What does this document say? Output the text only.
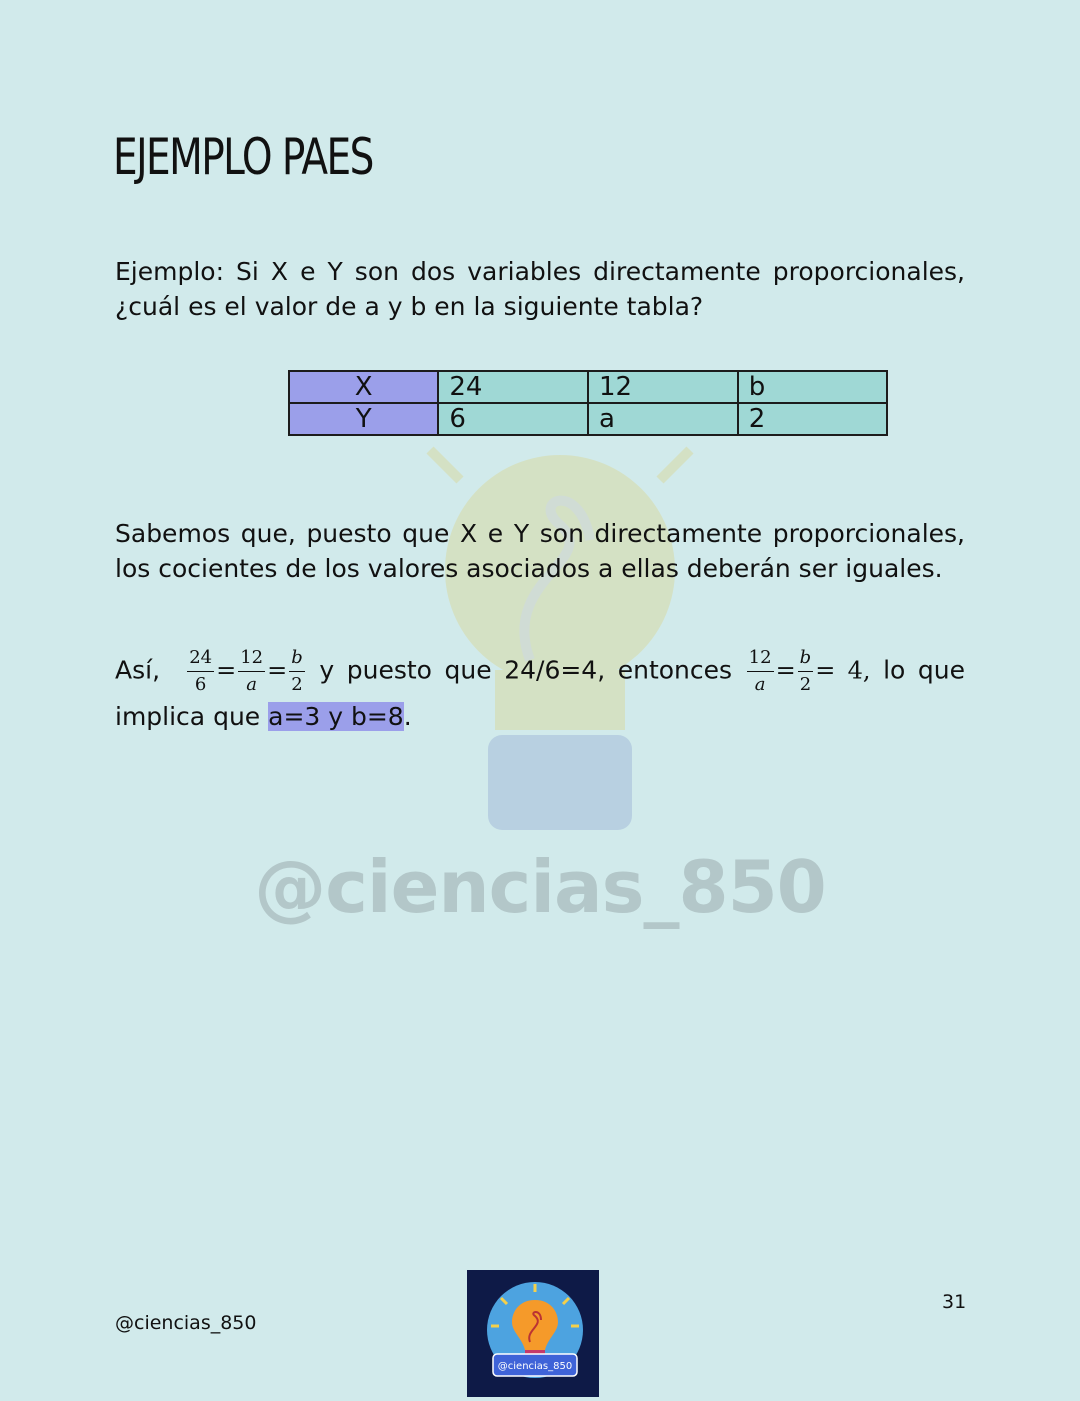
@ciencias_850
EJEMPLO PAES

Ejemplo: Si X e Y son dos variables directamente proporcionales, ¿cuál es el valor de a y b en la siguiente tabla?

X	24	12	b
Y	6	a	2

Sabemos que, puesto que X e Y son directamente proporcionales, los cocientes de los valores asociados a ellas deberán ser iguales.

Así, $\frac{24}{6} = \frac{12}{a} = \frac{b}{2}$ y puesto que 24/6=4, entonces $\frac{12}{a} = \frac{b}{2} = 4$, lo que implica que a=3 y b=8.

@ciencias_850
@ciencias_850
31
